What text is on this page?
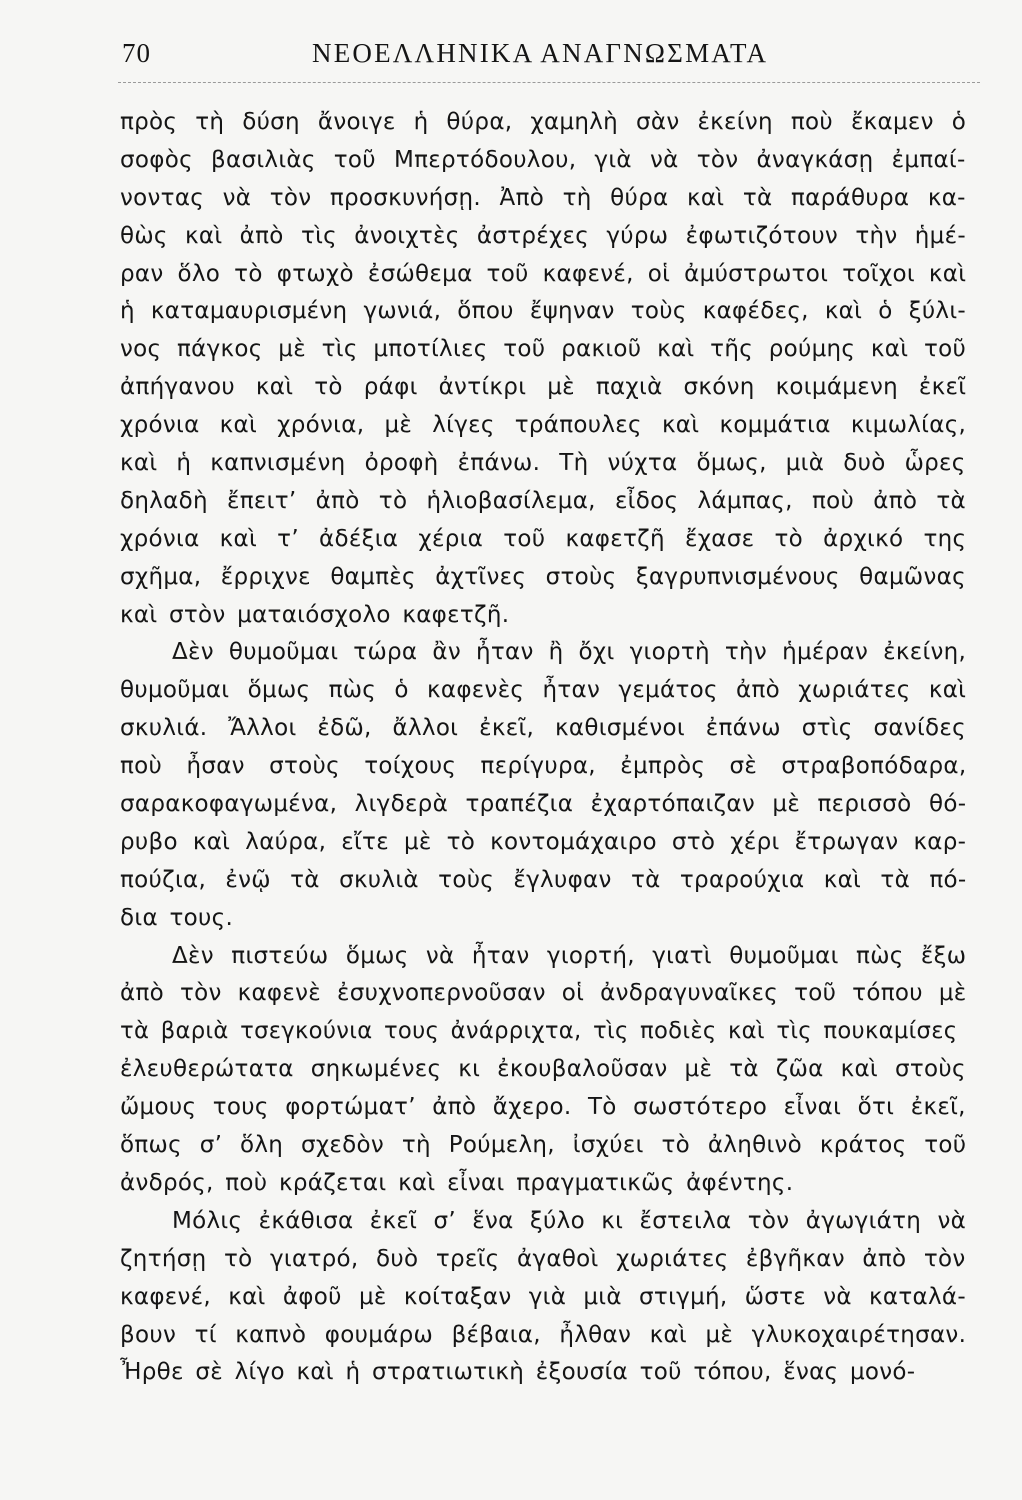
70	ΝΕΟΕΛΛΗΝΙΚΑ ΑΝΑΓΝΩΣΜΑΤΑ
πρὸς τὴ δύση ἄνοιγε ἡ θύρα, χαμηλὴ σὰν ἐκείνη ποὺ ἔκαμεν ὁ
σοφὸς βασιλιὰς τοῦ Μπερτόδουλου, γιὰ νὰ τὸν ἀναγκάσῃ ἐμπαί-
νοντας νὰ τὸν προσκυνήσῃ. Ἀπὸ τὴ θύρα καὶ τὰ παράθυρα κα-
θὼς καὶ ἀπὸ τὶς ἀνοιχτὲς ἀστρέχες γύρω ἐφωτιζότουν τὴν ἡμέ-
ραν ὅλο τὸ φτωχὸ ἐσώθεμα τοῦ καφενέ, οἱ ἀμύστρωτοι τοῖχοι καὶ
ἡ καταμαυρισμένη γωνιά, ὅπου ἔψηναν τοὺς καφέδες, καὶ ὁ ξύλι-
νος πάγκος μὲ τὶς μποτίλιες τοῦ ρακιοῦ καὶ τῆς ρούμης καὶ τοῦ
ἀπήγανου καὶ τὸ ράφι ἀντίκρι μὲ παχιὰ σκόνη κοιμάμενη ἐκεῖ
χρόνια καὶ χρόνια, μὲ λίγες τράπουλες καὶ κομμάτια κιμωλίας,
καὶ ἡ καπνισμένη ὀροφὴ ἐπάνω. Τὴ νύχτα ὅμως, μιὰ δυὸ ὧρες
δηλαδὴ ἔπειτ’ ἀπὸ τὸ ἡλιοβασίλεμα, εἶδος λάμπας, ποὺ ἀπὸ τὰ
χρόνια καὶ τ’ ἀδέξια χέρια τοῦ καφετζῆ ἔχασε τὸ ἀρχικό της
σχῆμα, ἔρριχνε θαμπὲς ἀχτῖνες στοὺς ξαγρυπνισμένους θαμῶνας
καὶ στὸν ματαιόσχολο καφετζῆ.
Δὲν θυμοῦμαι τώρα ἂν ἦταν ἢ ὄχι γιορτὴ τὴν ἡμέραν ἐκείνη,
θυμοῦμαι ὅμως πὼς ὁ καφενὲς ἦταν γεμάτος ἀπὸ χωριάτες καὶ
σκυλιά. Ἄλλοι ἐδῶ, ἄλλοι ἐκεῖ, καθισμένοι ἐπάνω στὶς σανίδες
ποὺ ἦσαν στοὺς τοίχους περίγυρα, ἐμπρὸς σὲ στραβοπόδαρα,
σαρακοφαγωμένα, λιγδερὰ τραπέζια ἐχαρτόπαιζαν μὲ περισσὸ θό-
ρυβο καὶ λαύρα, εἴτε μὲ τὸ κοντομάχαιρο στὸ χέρι ἔτρωγαν καρ-
πούζια, ἐνῷ τὰ σκυλιὰ τοὺς ἔγλυφαν τὰ τραρούχια καὶ τὰ πό-
δια τους.
Δὲν πιστεύω ὅμως νὰ ἦταν γιορτή, γιατὶ θυμοῦμαι πὼς ἔξω
ἀπὸ τὸν καφενὲ ἐσυχνοπερνοῦσαν οἱ ἀνδραγυναῖκες τοῦ τόπου μὲ
τὰ βαριὰ τσεγκούνια τους ἀνάρριχτα, τὶς ποδιὲς καὶ τὶς πουκαμίσες
ἐλευθερώτατα σηκωμένες κι ἐκουβαλοῦσαν μὲ τὰ ζῶα καὶ στοὺς
ὤμους τους φορτώματ’ ἀπὸ ἄχερο. Τὸ σωστότερο εἶναι ὅτι ἐκεῖ,
ὅπως σ’ ὅλη σχεδὸν τὴ Ρούμελη, ἰσχύει τὸ ἀληθινὸ κράτος τοῦ
ἀνδρός, ποὺ κράζεται καὶ εἶναι πραγματικῶς ἀφέντης.
Μόλις ἐκάθισα ἐκεῖ σ’ ἕνα ξύλο κι ἔστειλα τὸν ἀγωγιάτη νὰ
ζητήσῃ τὸ γιατρό, δυὸ τρεῖς ἀγαθοὶ χωριάτες ἐβγῆκαν ἀπὸ τὸν
καφενέ, καὶ ἀφοῦ μὲ κοίταξαν γιὰ μιὰ στιγμή, ὥστε νὰ καταλά-
βουν τί καπνὸ φουμάρω βέβαια, ἦλθαν καὶ μὲ γλυκοχαιρέτησαν.
Ἦρθε σὲ λίγο καὶ ἡ στρατιωτικὴ ἐξουσία τοῦ τόπου, ἕνας μονό-
